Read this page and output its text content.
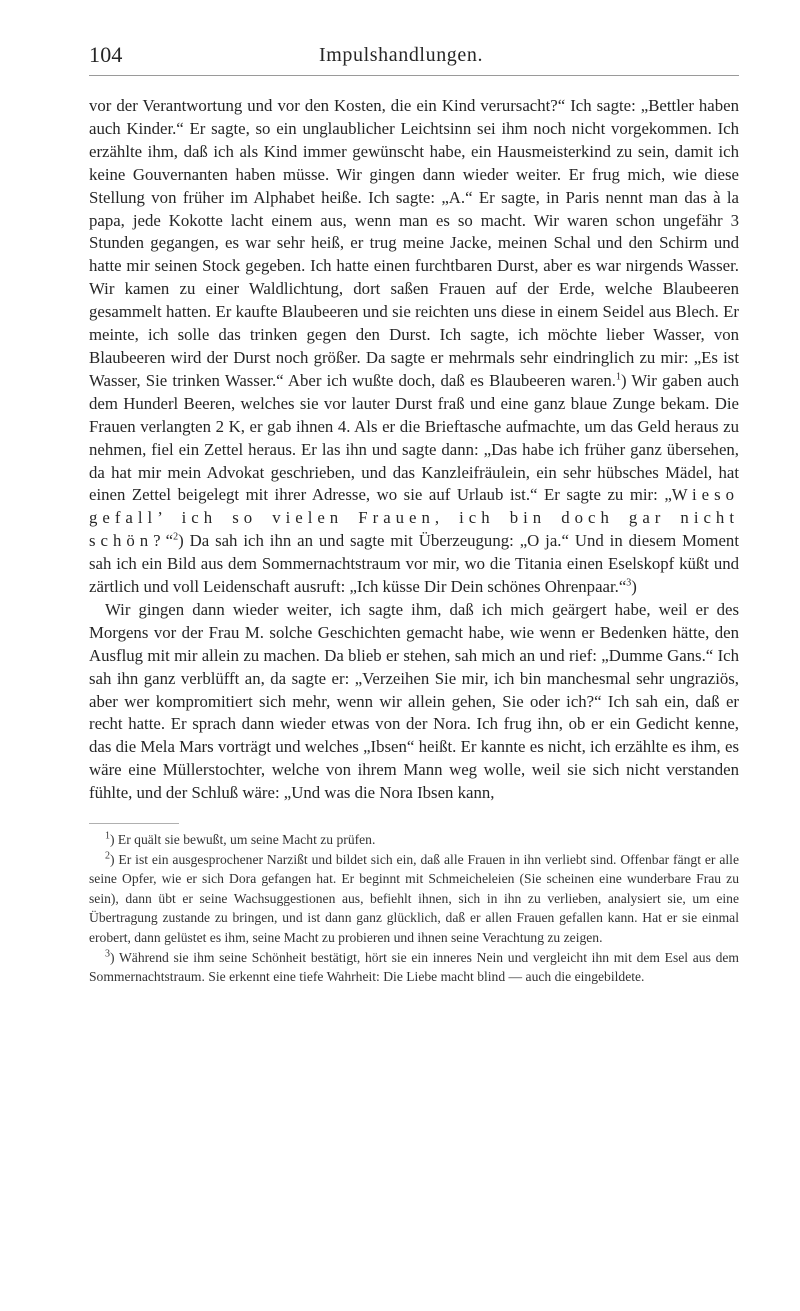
104	Impulshandlungen.

vor der Verantwortung und vor den Kosten, die ein Kind verursacht?“ Ich sagte: „Bettler haben auch Kinder.“ Er sagte, so ein unglaublicher Leichtsinn sei ihm noch nicht vorgekommen. Ich erzählte ihm, daß ich als Kind immer gewünscht habe, ein Hausmeisterkind zu sein, damit ich keine Gouvernanten haben müsse. Wir gingen dann wieder weiter. Er frug mich, wie diese Stellung von früher im Alphabet heiße. Ich sagte: „A.“ Er sagte, in Paris nennt man das à la papa, jede Kokotte lacht einem aus, wenn man es so macht. Wir waren schon ungefähr 3 Stunden gegangen, es war sehr heiß, er trug meine Jacke, meinen Schal und den Schirm und hatte mir seinen Stock gegeben. Ich hatte einen furchtbaren Durst, aber es war nirgends Wasser. Wir kamen zu einer Waldlichtung, dort saßen Frauen auf der Erde, welche Blaubeeren gesammelt hatten. Er kaufte Blaubeeren und sie reichten uns diese in einem Seidel aus Blech. Er meinte, ich solle das trinken gegen den Durst. Ich sagte, ich möchte lieber Wasser, von Blaubeeren wird der Durst noch größer. Da sagte er mehrmals sehr eindringlich zu mir: „Es ist Wasser, Sie trinken Wasser.“ Aber ich wußte doch, daß es Blaubeeren waren.$^1$) Wir gaben auch dem Hunderl Beeren, welches sie vor lauter Durst fraß und eine ganz blaue Zunge bekam. Die Frauen verlangten 2 K, er gab ihnen 4. Als er die Brieftasche aufmachte, um das Geld heraus zu nehmen, fiel ein Zettel heraus. Er las ihn und sagte dann: „Das habe ich früher ganz übersehen, da hat mir mein Advokat geschrieben, und das Kanzleifräulein, ein sehr hübsches Mädel, hat einen Zettel beigelegt mit ihrer Adresse, wo sie auf Urlaub ist.“ Er sagte zu mir: „Wieso gefall’ ich so vielen Frauen, ich bin doch gar nicht schön?“$^2$) Da sah ich ihn an und sagte mit Überzeugung: „O ja.“ Und in diesem Moment sah ich ein Bild aus dem Sommernachtstraum vor mir, wo die Titania einen Eselskopf küßt und zärtlich und voll Leidenschaft ausruft: „Ich küsse Dir Dein schönes Ohrenpaar.“$^3$)

Wir gingen dann wieder weiter, ich sagte ihm, daß ich mich geärgert habe, weil er des Morgens vor der Frau M. solche Geschichten gemacht habe, wie wenn er Bedenken hätte, den Ausflug mit mir allein zu machen. Da blieb er stehen, sah mich an und rief: „Dumme Gans.“ Ich sah ihn ganz verblüfft an, da sagte er: „Verzeihen Sie mir, ich bin manchesmal sehr ungraziös, aber wer kompromitiert sich mehr, wenn wir allein gehen, Sie oder ich?“ Ich sah ein, daß er recht hatte. Er sprach dann wieder etwas von der Nora. Ich frug ihn, ob er ein Gedicht kenne, das die Mela Mars vorträgt und welches „Ibsen“ heißt. Er kannte es nicht, ich erzählte es ihm, es wäre eine Müllerstochter, welche von ihrem Mann weg wolle, weil sie sich nicht verstanden fühlte, und der Schluß wäre: „Und was die Nora Ibsen kann,

$^1$) Er quält sie bewußt, um seine Macht zu prüfen.

$^2$) Er ist ein ausgesprochener Narzißt und bildet sich ein, daß alle Frauen in ihn verliebt sind. Offenbar fängt er alle seine Opfer, wie er sich Dora gefangen hat. Er beginnt mit Schmeicheleien (Sie scheinen eine wunderbare Frau zu sein), dann übt er seine Wachsuggestionen aus, befiehlt ihnen, sich in ihn zu verlieben, analysiert sie, um eine Übertragung zustande zu bringen, und ist dann ganz glücklich, daß er allen Frauen gefallen kann. Hat er sie einmal erobert, dann gelüstet es ihm, seine Macht zu probieren und ihnen seine Verachtung zu zeigen.

$^3$) Während sie ihm seine Schönheit bestätigt, hört sie ein inneres Nein und vergleicht ihn mit dem Esel aus dem Sommernachtstraum. Sie erkennt eine tiefe Wahrheit: Die Liebe macht blind — auch die eingebildete.
